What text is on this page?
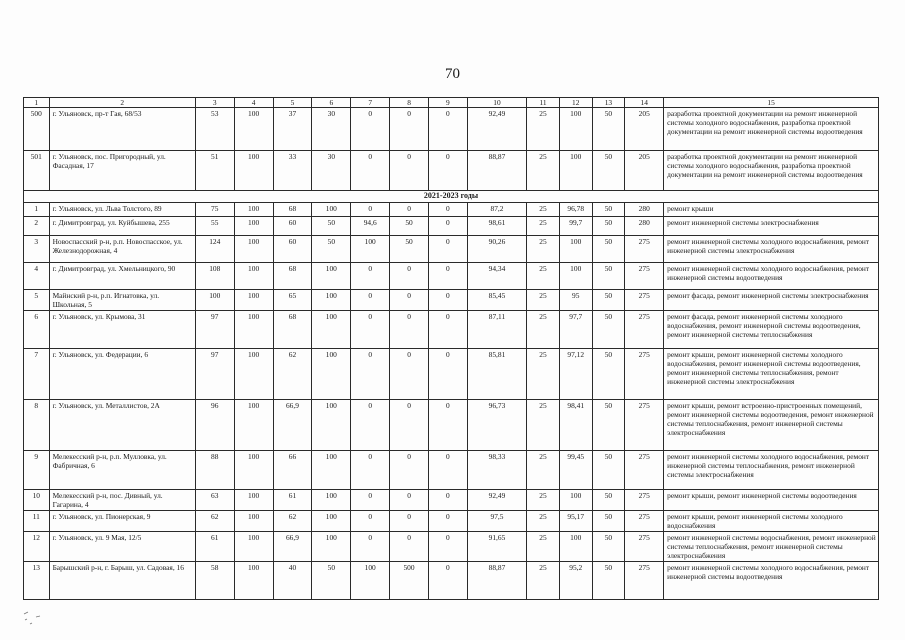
70
1	2	3	4	5	6	7	8	9	10	11	12	13	14	15
500	г. Ульяновск, пр-т Гая, 68/53	53	100	37	30	0	0	0	92,49	25	100	50	205	разработка проектной документации на ремонт инженерной системы холодного водоснабжения, разработка проектной документации на ремонт инженерной системы водоотведения
501	г. Ульяновск, пос. Пригородный, ул. Фасадная, 17	51	100	33	30	0	0	0	88,87	25	100	50	205	разработка проектной документации на ремонт инженерной системы холодного водоснабжения, разработка проектной документации на ремонт инженерной системы водоотведения
2021-2023 годы														
1	г. Ульяновск, ул. Льва Толстого, 89	75	100	68	100	0	0	0	87,2	25	96,78	50	280	ремонт крыши
2	г. Димитровград, ул. Куйбышева, 255	55	100	60	50	94,6	50	0	98,61	25	99,7	50	280	ремонт инженерной системы электроснабжения
3	Новоспасский р-н, р.п. Новоспасское, ул. Железнодорожная, 4	124	100	60	50	100	50	0	90,26	25	100	50	275	ремонт инженерной системы холодного водоснабжения, ремонт инженерной системы электроснабжения
4	г. Димитровград, ул. Хмельницкого, 90	108	100	68	100	0	0	0	94,34	25	100	50	275	ремонт инженерной системы холодного водоснабжения, ремонт инженерной системы водоотведения
5	Майнский р-н, р.п. Игнатовка, ул. Школьная, 5	100	100	65	100	0	0	0	85,45	25	95	50	275	ремонт фасада, ремонт инженерной системы электроснабжения
6	г. Ульяновск, ул. Крымова, 31	97	100	68	100	0	0	0	87,11	25	97,7	50	275	ремонт фасада, ремонт инженерной системы холодного водоснабжения, ремонт инженерной системы водоотведения, ремонт инженерной системы теплоснабжения
7	г. Ульяновск, ул. Федерации, 6	97	100	62	100	0	0	0	85,81	25	97,12	50	275	ремонт крыши, ремонт инженерной системы холодного водоснабжения, ремонт инженерной системы водоотведения, ремонт инженерной системы теплоснабжения, ремонт инженерной системы электроснабжения
8	г. Ульяновск, ул. Металлистов, 2А	96	100	66,9	100	0	0	0	96,73	25	98,41	50	275	ремонт крыши, ремонт встроенно-пристроенных помещений, ремонт инженерной системы водоотведения, ремонт инженерной системы теплоснабжения, ремонт инженерной системы электроснабжения
9	Мелекесский р-н, р.п. Мулловка, ул. Фабричная, 6	88	100	66	100	0	0	0	98,33	25	99,45	50	275	ремонт инженерной системы холодного водоснабжения, ремонт инженерной системы теплоснабжения, ремонт инженерной системы электроснабжения
10	Мелекесский р-н, пос. Дивный, ул. Гагарина, 4	63	100	61	100	0	0	0	92,49	25	100	50	275	ремонт крыши, ремонт инженерной системы водоотведения
11	г. Ульяновск, ул. Пионерская, 9	62	100	62	100	0	0	0	97,5	25	95,17	50	275	ремонт крыши, ремонт инженерной системы холодного водоснабжения
12	г. Ульяновск, ул. 9 Мая, 12/5	61	100	66,9	100	0	0	0	91,65	25	100	50	275	ремонт инженерной системы водоснабжения, ремонт инженерной системы теплоснабжения, ремонт инженерной системы электроснабжения
13	Барышский р-н, г. Барыш, ул. Садовая, 16	58	100	40	50	100	500	0	88,87	25	95,2	50	275	ремонт инженерной системы холодного водоснабжения, ремонт инженерной системы водоотведения
